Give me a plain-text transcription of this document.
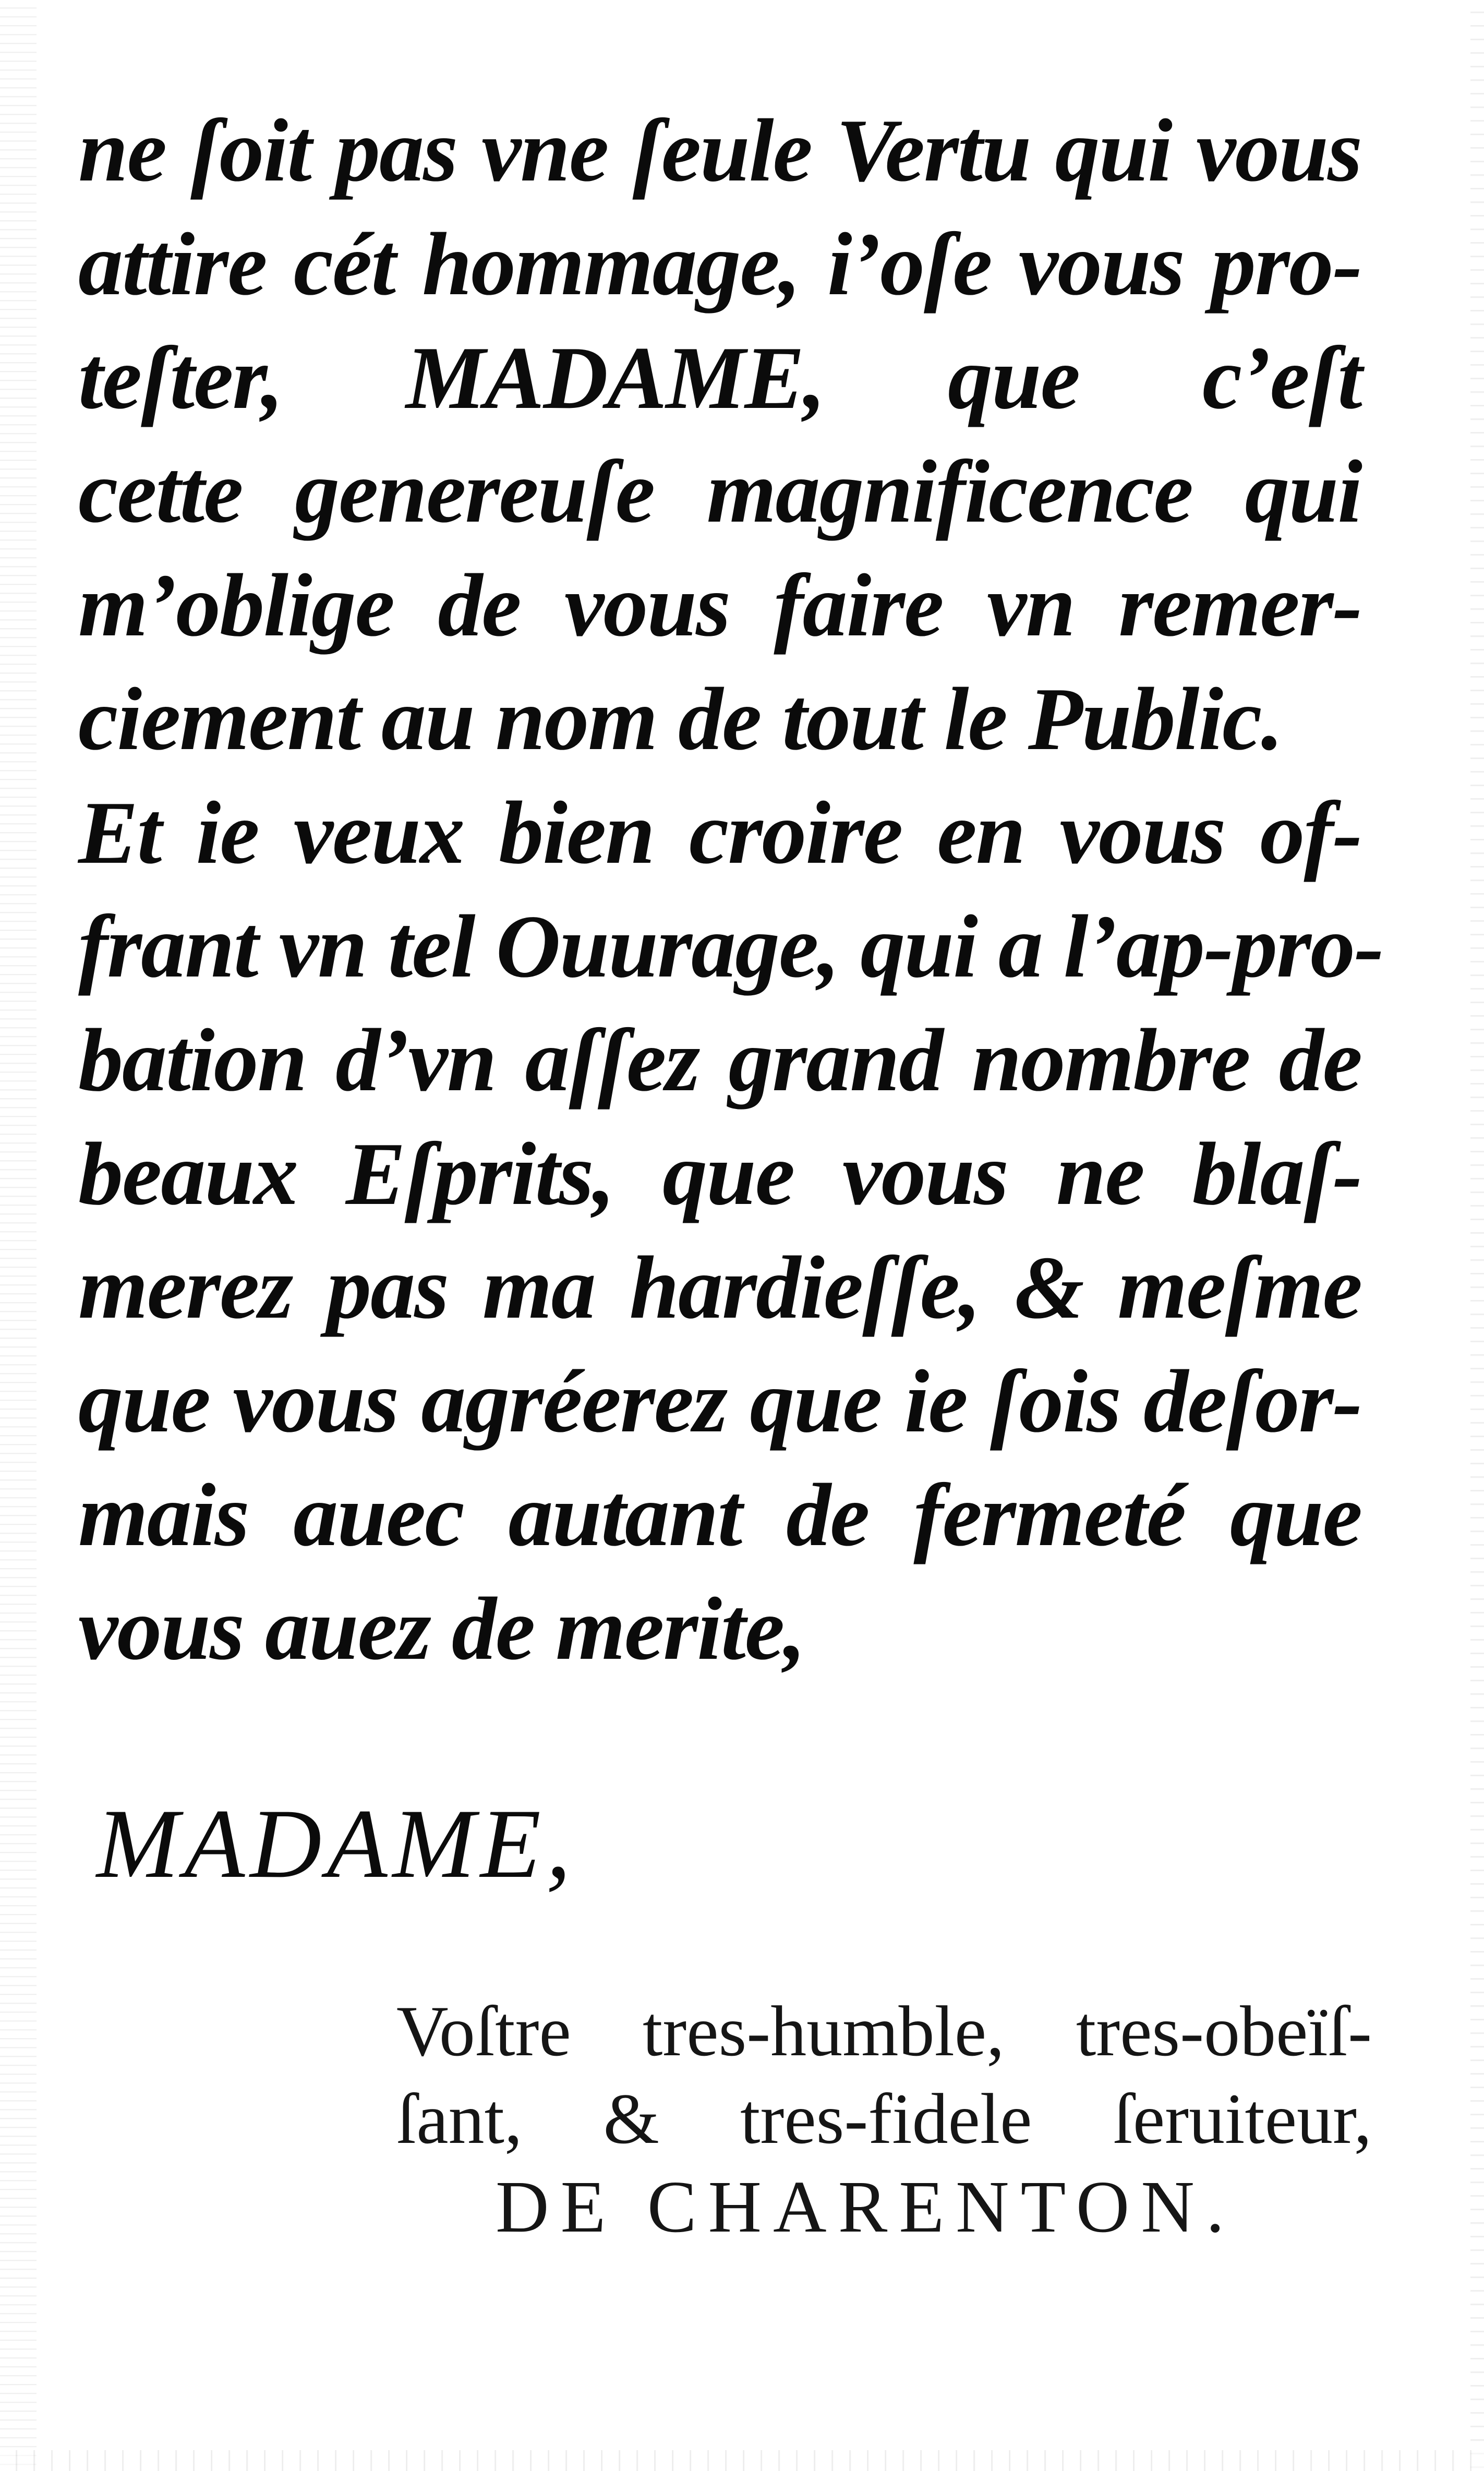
ne ſoit pas vne ſeule Vertu qui vous
attire cét hommage, i’oſe vous pro-
teſter, MADAME, que c’eſt
cette genereuſe magnificence qui
m’oblige de vous faire vn remer-
ciement au nom de tout le Public.
Et ie veux bien croire en vous of-
frant vn tel Ouurage, qui a l’ap-pro-
bation d’vn aſſez grand nombre de
beaux Eſprits, que vous ne blaſ-
merez pas ma hardieſſe, & meſme
que vous agréerez que ie ſois deſor-
mais auec autant de fermeté que
vous auez de merite,

MADAME,
Voſtre tres-humble, tres-obeïſ-
ſant, & tres-fidele ſeruiteur,
DE CHARENTON.
